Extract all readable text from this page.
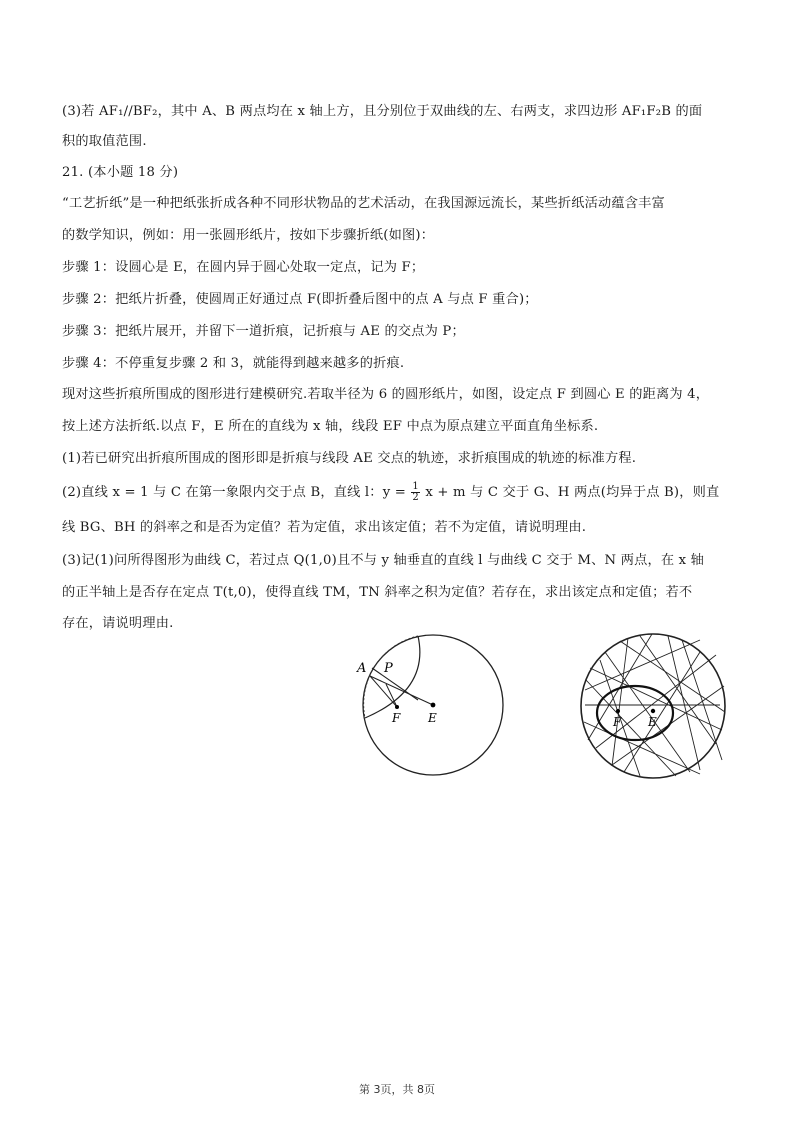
(3)若 AF₁//BF₂，其中 A、B 两点均在 x 轴上方，且分别位于双曲线的左、右两支，求四边形 AF₁F₂B 的面
积的取值范围.
21. (本小题 18 分)
“工艺折纸”是一种把纸张折成各种不同形状物品的艺术活动，在我国源远流长，某些折纸活动蕴含丰富
的数学知识，例如：用一张圆形纸片，按如下步骤折纸(如图)：
步骤 1：设圆心是 E，在圆内异于圆心处取一定点，记为 F；
步骤 2：把纸片折叠，使圆周正好通过点 F(即折叠后图中的点 A 与点 F 重合)；
步骤 3：把纸片展开，并留下一道折痕，记折痕与 AE 的交点为 P；
步骤 4：不停重复步骤 2 和 3，就能得到越来越多的折痕.
现对这些折痕所围成的图形进行建模研究.若取半径为 6 的圆形纸片，如图，设定点 F 到圆心 E 的距离为 4，
按上述方法折纸.以点 F，E 所在的直线为 x 轴，线段 EF 中点为原点建立平面直角坐标系.
(1)若已研究出折痕所围成的图形即是折痕与线段 AE 交点的轨迹，求折痕围成的轨迹的标准方程.
(2)直线 x = 1 与 C 在第一象限内交于点 B，直线 l：$y = \frac{1}{2}$ x + m 与 C 交于 G、H 两点(均异于点 B)，则直
线 BG、BH 的斜率之和是否为定值？若为定值，求出该定值；若不为定值，请说明理由.
(3)记(1)问所得图形为曲线 C，若过点 Q(1,0)且不与 y 轴垂直的直线 l 与曲线 C 交于 M、N 两点，在 x 轴
的正半轴上是否存在定点 T(t,0)，使得直线 TM，TN 斜率之积为定值？若存在，求出该定点和定值；若不
存在，请说明理由.
A P
F E	F E
第 3页，共 8页
